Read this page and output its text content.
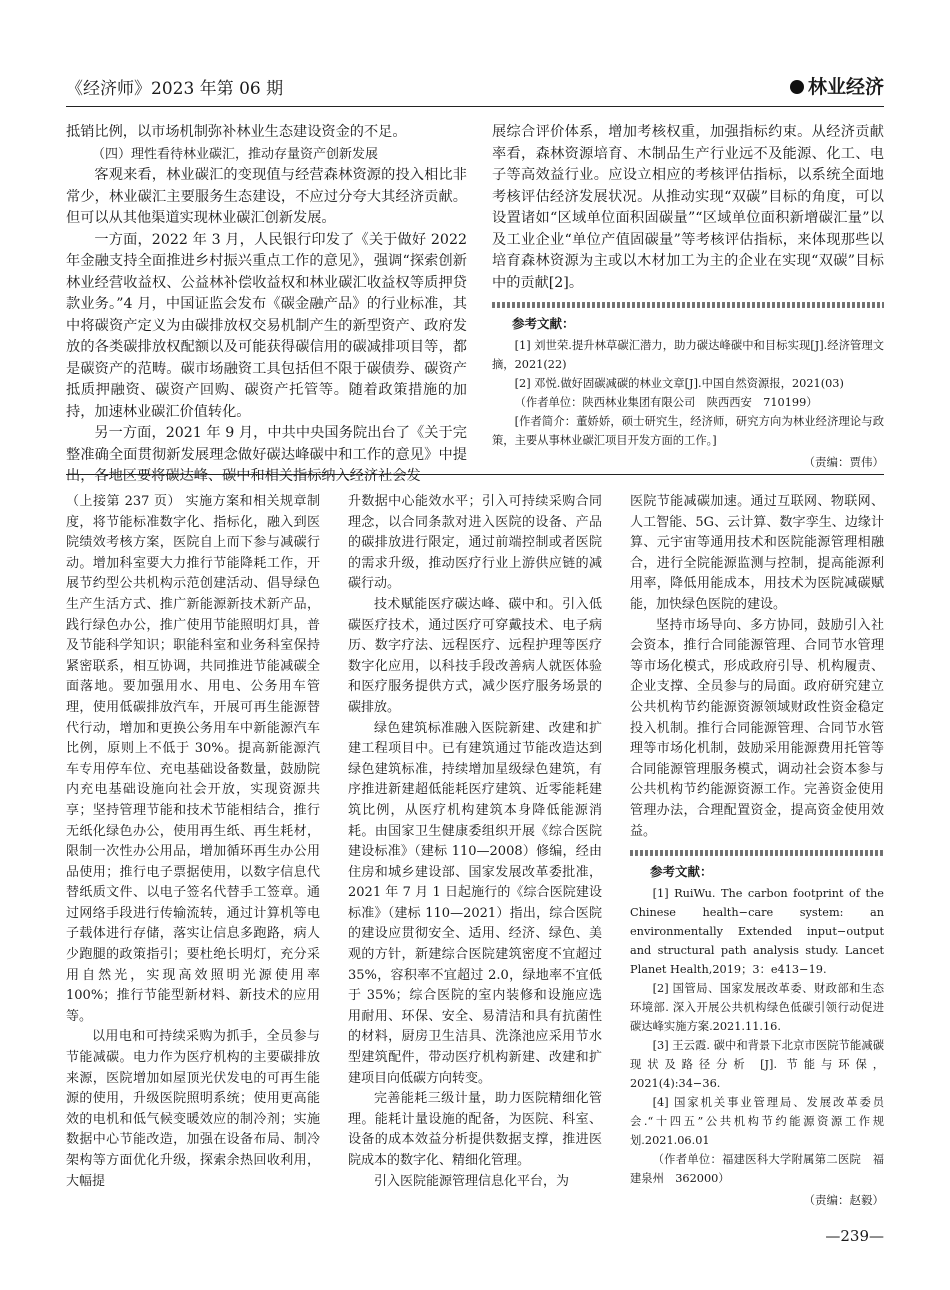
《经济师》2023 年第 06 期	林业经济

抵销比例，以市场机制弥补林业生态建设资金的不足。

（四）理性看待林业碳汇，推动存量资产创新发展

客观来看，林业碳汇的变现值与经营森林资源的投入相比非常少，林业碳汇主要服务生态建设，不应过分夸大其经济贡献。但可以从其他渠道实现林业碳汇创新发展。

一方面，2022 年 3 月，人民银行印发了《关于做好 2022 年金融支持全面推进乡村振兴重点工作的意见》，强调“探索创新林业经营收益权、公益林补偿收益权和林业碳汇收益权等质押贷款业务。”4 月，中国证监会发布《碳金融产品》的行业标准，其中将碳资产定义为由碳排放权交易机制产生的新型资产、政府发放的各类碳排放权配额以及可能获得碳信用的碳减排项目等，都是碳资产的范畴。碳市场融资工具包括但不限于碳债券、碳资产抵质押融资、碳资产回购、碳资产托管等。随着政策措施的加持，加速林业碳汇价值转化。

另一方面，2021 年 9 月，中共中央国务院出台了《关于完整准确全面贯彻新发展理念做好碳达峰碳中和工作的意见》中提出，各地区要将碳达峰、碳中和相关指标纳入经济社会发

展综合评价体系，增加考核权重，加强指标约束。从经济贡献率看，森林资源培育、木制品生产行业远不及能源、化工、电子等高效益行业。应设立相应的考核评估指标，以系统全面地考核评估经济发展状况。从推动实现“双碳”目标的角度，可以设置诸如“区域单位面积固碳量”“区域单位面积新增碳汇量”以及工业企业“单位产值固碳量”等考核评估指标，来体现那些以培育森林资源为主或以木材加工为主的企业在实现“双碳”目标中的贡献[2]。

参考文献：

[1] 刘世荣.提升林草碳汇潜力，助力碳达峰碳中和目标实现[J].经济管理文摘，2021(22)

[2] 邓悦.做好固碳减碳的林业文章[J].中国自然资源报，2021(03)

（作者单位：陕西林业集团有限公司　陕西西安　710199）

[作者简介：董娇娇，硕士研究生，经济师，研究方向为林业经济理论与政策，主要从事林业碳汇项目开发方面的工作。]

（责编：贾伟）

（上接第 237 页） 实施方案和相关规章制度，将节能标准数字化、指标化，融入到医院绩效考核方案，医院自上而下参与减碳行动。增加科室要大力推行节能降耗工作，开展节约型公共机构示范创建活动、倡导绿色生产生活方式、推广新能源新技术新产品，践行绿色办公，推广使用节能照明灯具，普及节能科学知识；职能科室和业务科室保持紧密联系，相互协调，共同推进节能减碳全面落地。要加强用水、用电、公务用车管理，使用低碳排放汽车，开展可再生能源替代行动，增加和更换公务用车中新能源汽车比例，原则上不低于 30%。提高新能源汽车专用停车位、充电基础设备数量，鼓励院内充电基础设施向社会开放，实现资源共享；坚持管理节能和技术节能相结合，推行无纸化绿色办公，使用再生纸、再生耗材，限制一次性办公用品，增加循环再生办公用品使用；推行电子票据使用，以数字信息代替纸质文件、以电子签名代替手工签章。通过网络手段进行传输流转，通过计算机等电子载体进行存储，落实让信息多跑路，病人少跑腿的政策指引；要杜绝长明灯，充分采用自然光，实现高效照明光源使用率 100%；推行节能型新材料、新技术的应用等。

以用电和可持续采购为抓手，全员参与节能减碳。电力作为医疗机构的主要碳排放来源，医院增加如屋顶光伏发电的可再生能源的使用，升级医院照明系统；使用更高能效的电机和低气候变暖效应的制冷剂；实施数据中心节能改造，加强在设备布局、制冷架构等方面优化升级，探索余热回收利用，大幅提

升数据中心能效水平；引入可持续采购合同理念，以合同条款对进入医院的设备、产品的碳排放进行限定，通过前端控制或者医院的需求升级，推动医疗行业上游供应链的减碳行动。

技术赋能医疗碳达峰、碳中和。引入低碳医疗技术，通过医疗可穿戴技术、电子病历、数字疗法、远程医疗、远程护理等医疗数字化应用，以科技手段改善病人就医体验和医疗服务提供方式，减少医疗服务场景的碳排放。

绿色建筑标准融入医院新建、改建和扩建工程项目中。已有建筑通过节能改造达到绿色建筑标准，持续增加星级绿色建筑，有序推进新建超低能耗医疗建筑、近零能耗建筑比例，从医疗机构建筑本身降低能源消耗。由国家卫生健康委组织开展《综合医院建设标准》（建标 110—2008）修编，经由住房和城乡建设部、国家发展改革委批准，2021 年 7 月 1 日起施行的《综合医院建设标准》（建标 110—2021）指出，综合医院的建设应贯彻安全、适用、经济、绿色、美观的方针，新建综合医院建筑密度不宜超过 35%，容积率不宜超过 2.0，绿地率不宜低于 35%；综合医院的室内装修和设施应选用耐用、环保、安全、易清洁和具有抗菌性的材料，厨房卫生洁具、洗涤池应采用节水型建筑配件，带动医疗机构新建、改建和扩建项目向低碳方向转变。

完善能耗三级计量，助力医院精细化管理。能耗计量设施的配备，为医院、科室、设备的成本效益分析提供数据支撑，推进医院成本的数字化、精细化管理。

引入医院能源管理信息化平台，为

医院节能减碳加速。通过互联网、物联网、人工智能、5G、云计算、数字孪生、边缘计算、元宇宙等通用技术和医院能源管理相融合，进行全院能源监测与控制，提高能源利用率，降低用能成本，用技术为医院减碳赋能，加快绿色医院的建设。

坚持市场导向、多方协同，鼓励引入社会资本，推行合同能源管理、合同节水管理等市场化模式，形成政府引导、机构履责、企业支撑、全员参与的局面。政府研究建立公共机构节约能源资源领域财政性资金稳定投入机制。推行合同能源管理、合同节水管理等市场化机制，鼓励采用能源费用托管等合同能源管理服务模式，调动社会资本参与公共机构节约能源资源工作。完善资金使用管理办法，合理配置资金，提高资金使用效益。

参考文献：

[1] RuiWu. The carbon footprint of the Chinese health−care system: an environmentally Extended input−output and structural path analysis study. Lancet Planet Health,2019；3：e413−19.

[2] 国管局、国家发展改革委、财政部和生态环境部. 深入开展公共机构绿色低碳引领行动促进碳达峰实施方案.2021.11.16.

[3] 王云霞. 碳中和背景下北京市医院节能减碳现状及路径分析 [J]. 节能与环保，2021(4):34−36.

[4] 国家机关事业管理局、发展改革委员会.“十四五”公共机构节约能源资源工作规划.2021.06.01

（作者单位：福建医科大学附属第二医院　福建泉州　362000）

（责编：赵毅）
—239—
